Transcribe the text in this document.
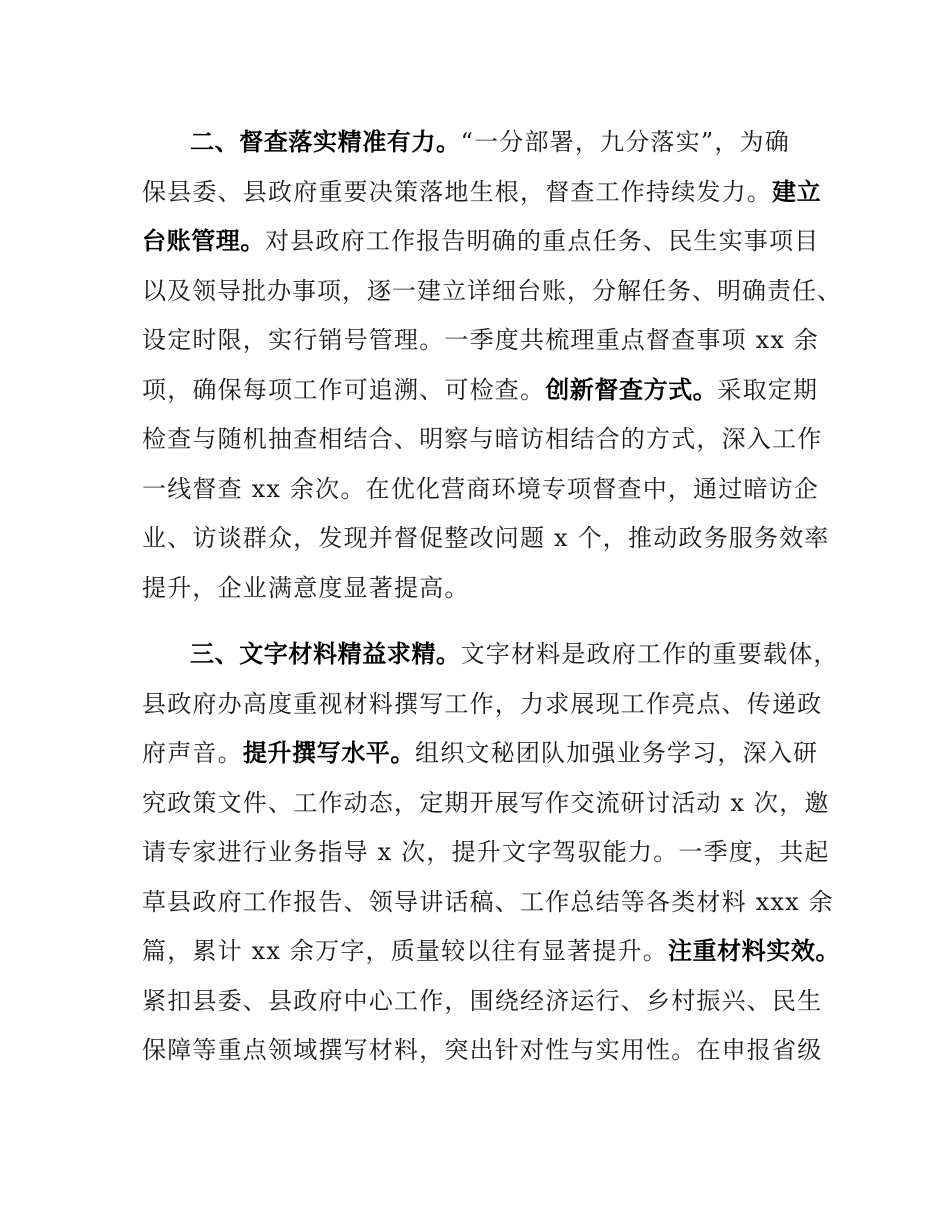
二、督查落实精准有力。“一分部署，九分落实”，为确
保县委、县政府重要决策落地生根，督查工作持续发力。建立
台账管理。对县政府工作报告明确的重点任务、民生实事项目
以及领导批办事项，逐一建立详细台账，分解任务、明确责任、
设定时限，实行销号管理。一季度共梳理重点督查事项 xx 余
项，确保每项工作可追溯、可检查。创新督查方式。采取定期
检查与随机抽查相结合、明察与暗访相结合的方式，深入工作
一线督查 xx 余次。在优化营商环境专项督查中，通过暗访企
业、访谈群众，发现并督促整改问题 x 个，推动政务服务效率
提升，企业满意度显著提高。
三、文字材料精益求精。文字材料是政府工作的重要载体，
县政府办高度重视材料撰写工作，力求展现工作亮点、传递政
府声音。提升撰写水平。组织文秘团队加强业务学习，深入研
究政策文件、工作动态，定期开展写作交流研讨活动 x 次，邀
请专家进行业务指导 x 次，提升文字驾驭能力。一季度，共起
草县政府工作报告、领导讲话稿、工作总结等各类材料 xxx 余
篇，累计 xx 余万字，质量较以往有显著提升。注重材料实效。
紧扣县委、县政府中心工作，围绕经济运行、乡村振兴、民生
保障等重点领域撰写材料，突出针对性与实用性。在申报省级
